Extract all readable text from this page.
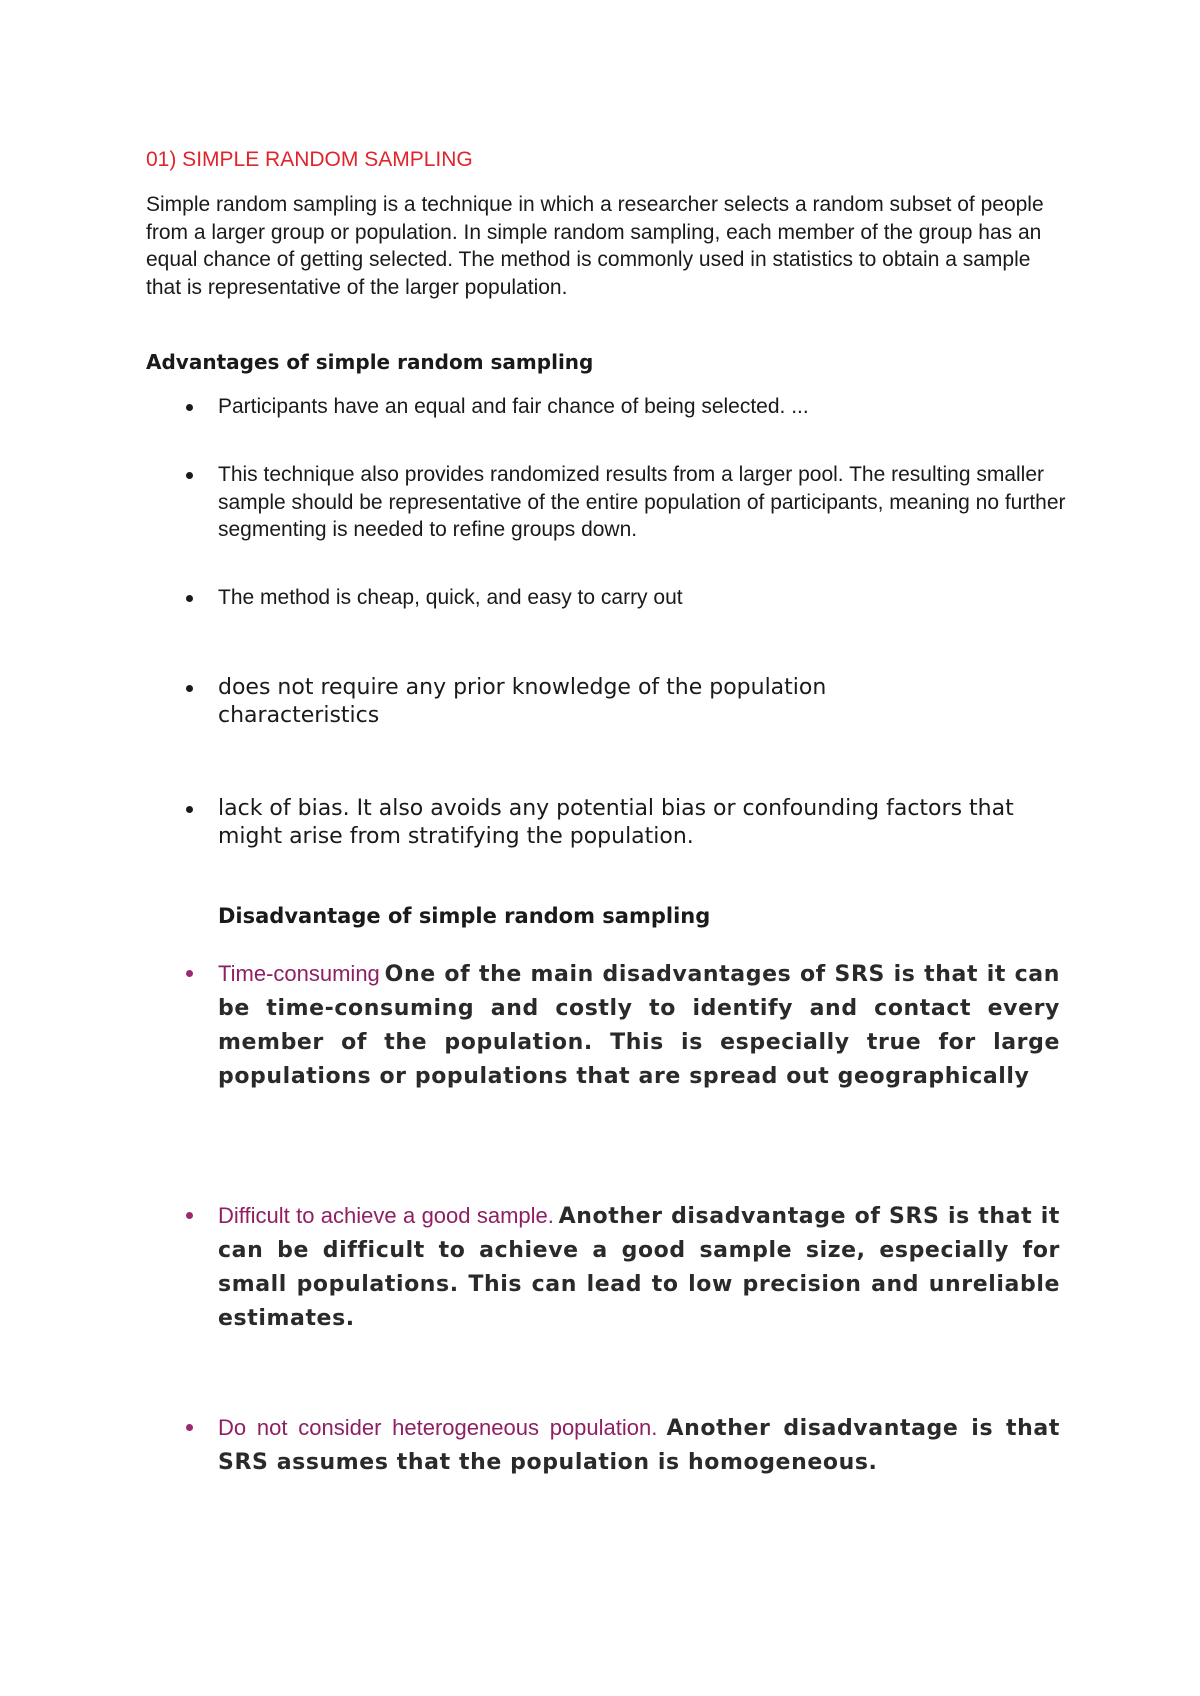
01) SIMPLE RANDOM SAMPLING

Simple random sampling is a technique in which a researcher selects a random subset of people from a larger group or population. In simple random sampling, each member of the group has an equal chance of getting selected. The method is commonly used in statistics to obtain a sample that is representative of the larger population.

Advantages of simple random sampling
Participants have an equal and fair chance of being selected. ...
This technique also provides randomized results from a larger pool. The resulting smaller sample should be representative of the entire population of participants, meaning no further segmenting is needed to refine groups down.
The method is cheap, quick, and easy to carry out
does not require any prior knowledge of the population characteristics
lack of bias. It also avoids any potential bias or confounding factors that might arise from stratifying the population.
Disadvantage of simple random sampling
Time-consuming One of the main disadvantages of SRS is that it can be time-consuming and costly to identify and contact every member of the population. This is especially true for large populations or populations that are spread out geographically
Difficult to achieve a good sample. Another disadvantage of SRS is that it can be difficult to achieve a good sample size, especially for small populations. This can lead to low precision and unreliable estimates.
Do not consider heterogeneous population. Another disadvantage is that SRS assumes that the population is homogeneous.
